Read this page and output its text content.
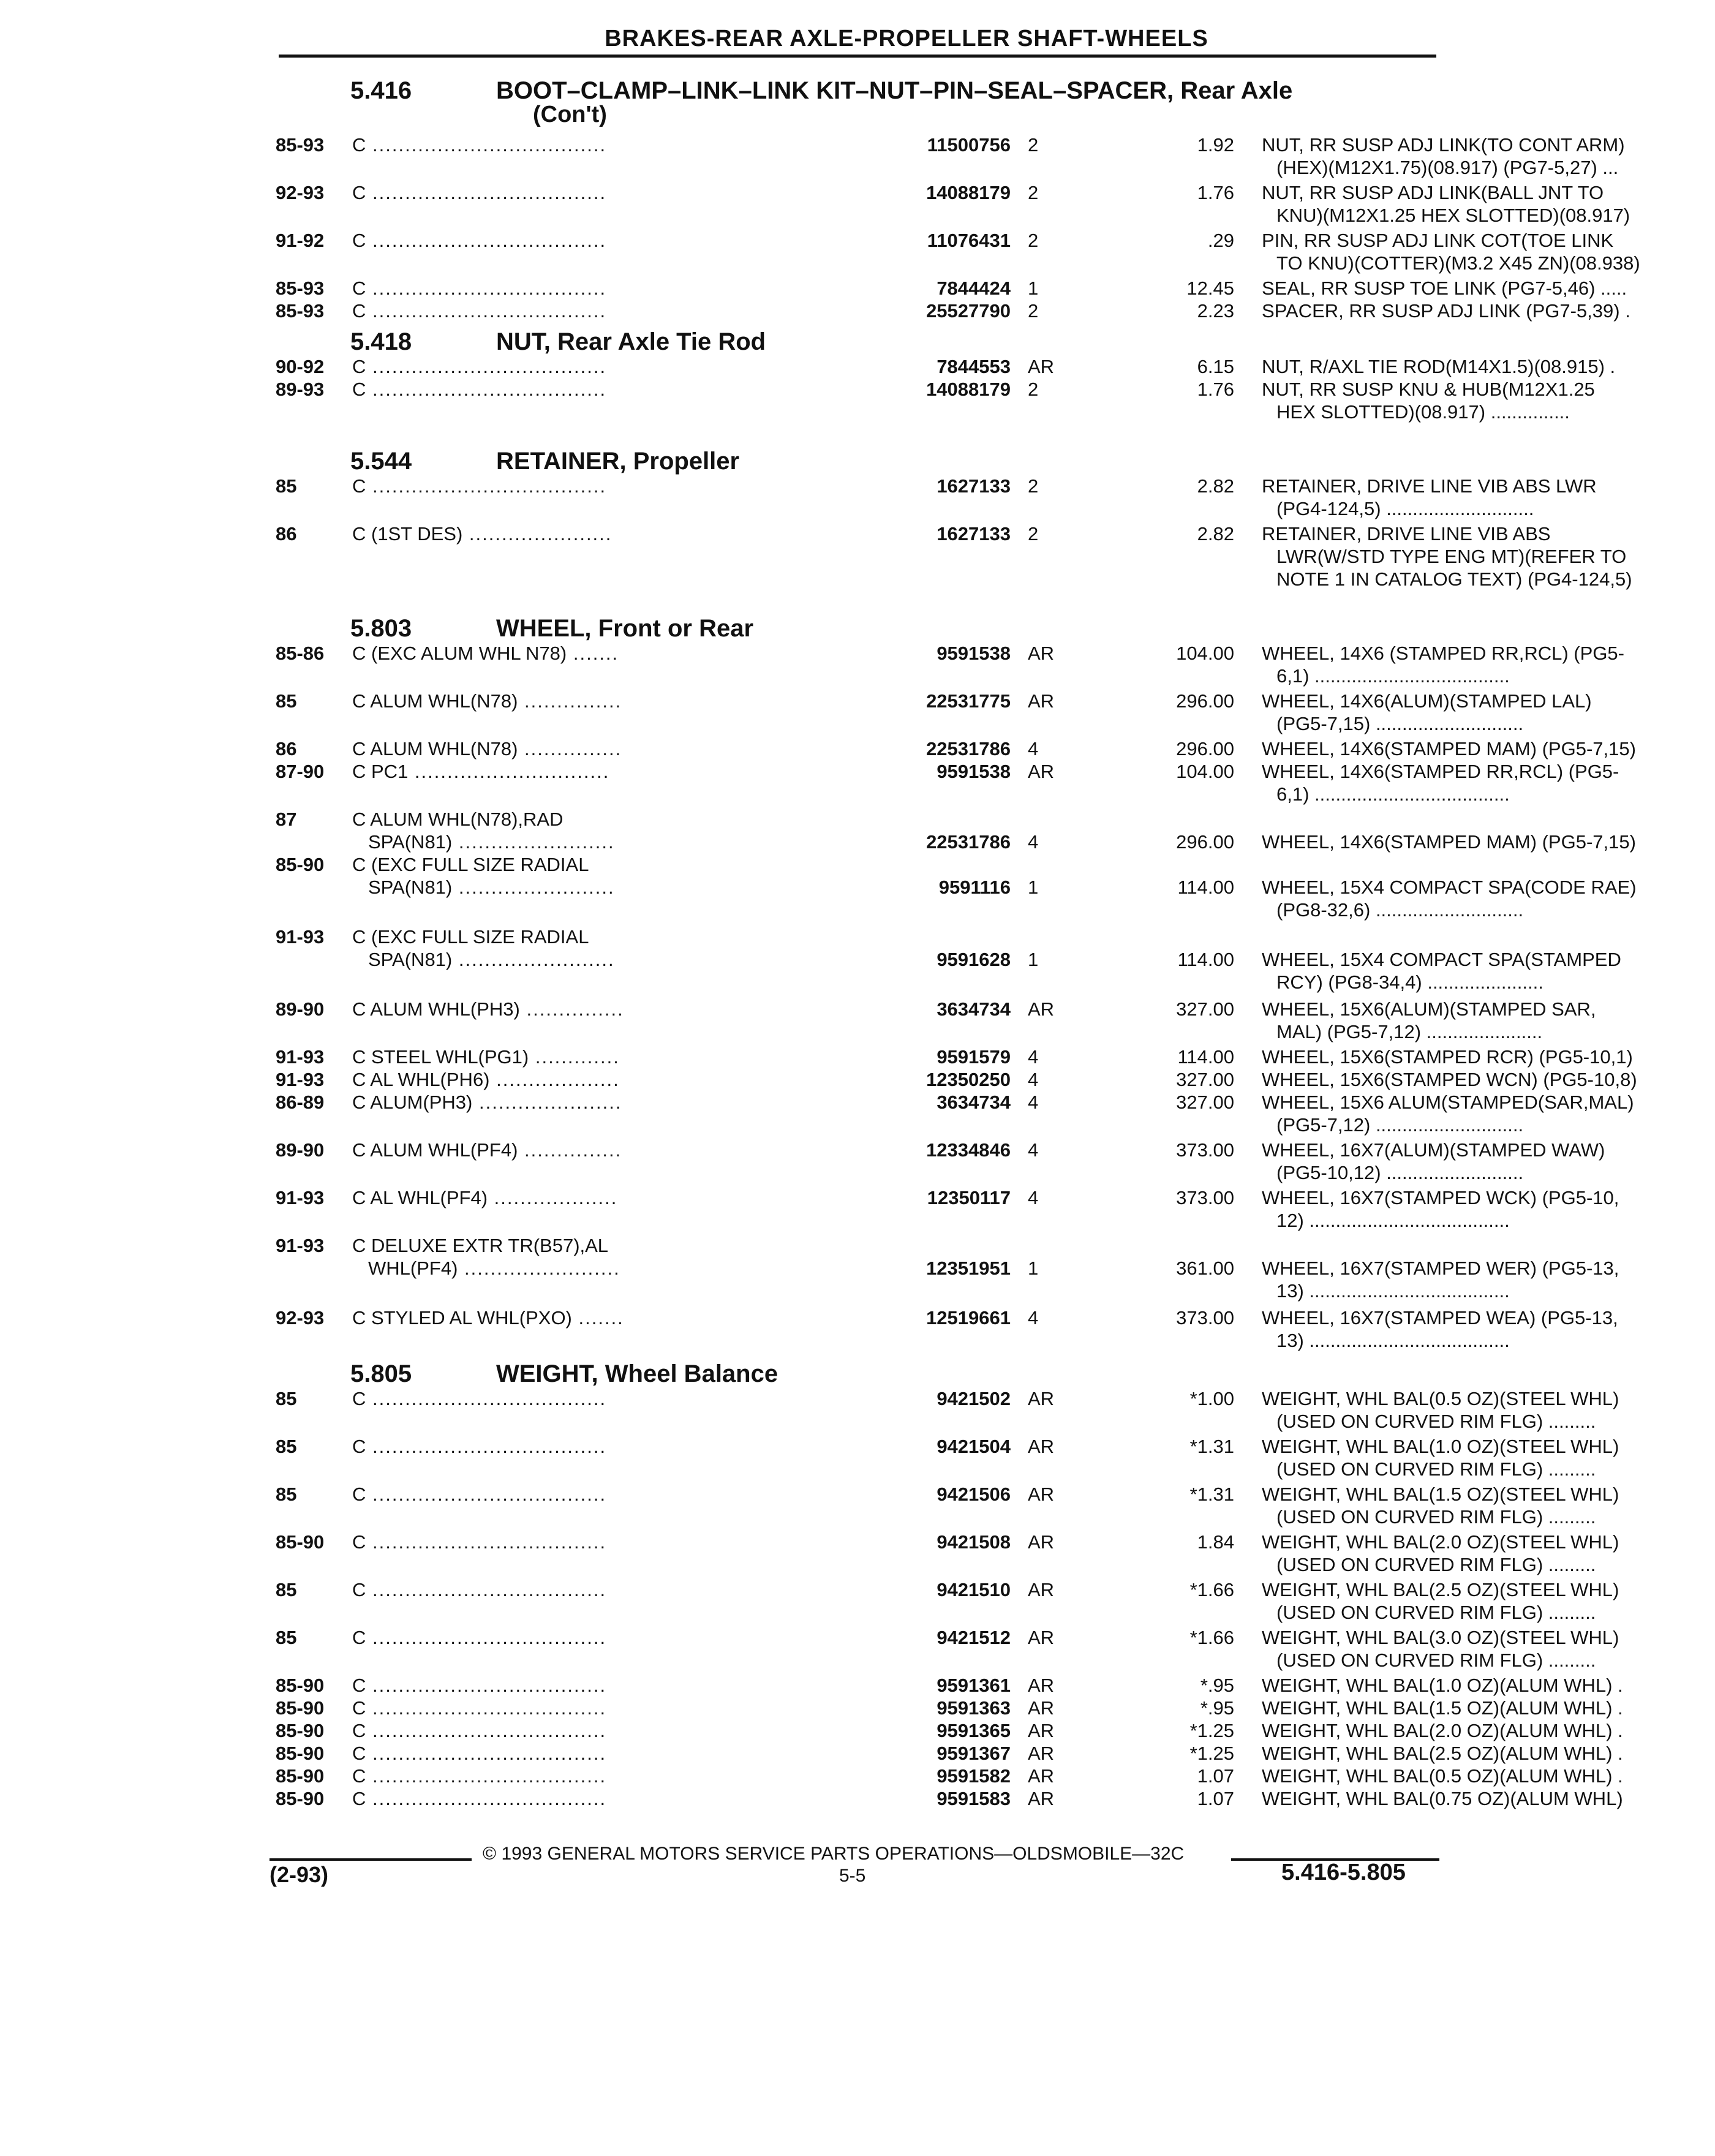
BRAKES-REAR AXLE-PROPELLER SHAFT-WHEELS
5.416	BOOT–CLAMP–LINK–LINK KIT–NUT–PIN–SEAL–SPACER, Rear Axle
(Con't)
85-93	C ....................................	11500756 2	1.92 NUT, RR SUSP ADJ LINK(TO CONT ARM)
(HEX)(M12X1.75)(08.917) (PG7-5,27) ...
92-93	C ....................................	14088179 2	1.76 NUT, RR SUSP ADJ LINK(BALL JNT TO
KNU)(M12X1.25 HEX SLOTTED)(08.917)
91-92	C ....................................	11076431 2	.29 PIN, RR SUSP ADJ LINK COT(TOE LINK
TO KNU)(COTTER)(M3.2 X45 ZN)(08.938)
85-93	C ....................................	7844424 1	12.45 SEAL, RR SUSP TOE LINK (PG7-5,46) .....
85-93	C ....................................	25527790 2	2.23 SPACER, RR SUSP ADJ LINK (PG7-5,39) .
5.418	NUT, Rear Axle Tie Rod
90-92	C ....................................	7844553 AR	6.15 NUT, R/AXL TIE ROD(M14X1.5)(08.915) .
89-93	C ....................................	14088179 2	1.76 NUT, RR SUSP KNU & HUB(M12X1.25
HEX SLOTTED)(08.917) ...............
5.544	RETAINER, Propeller
85	C ....................................	1627133 2	2.82 RETAINER, DRIVE LINE VIB ABS LWR
(PG4-124,5) ............................
86	C (1ST DES) ......................	1627133 2	2.82 RETAINER, DRIVE LINE VIB ABS
LWR(W/STD TYPE ENG MT)(REFER TO
NOTE 1 IN CATALOG TEXT) (PG4-124,5)
5.803	WHEEL, Front or Rear
85-86	C (EXC ALUM WHL N78) .......	9591538 AR	104.00 WHEEL, 14X6 (STAMPED RR,RCL) (PG5-
6,1) .....................................
85	C ALUM WHL(N78) ...............	22531775 AR	296.00 WHEEL, 14X6(ALUM)(STAMPED LAL)
(PG5-7,15) ............................
86	C ALUM WHL(N78) ...............	22531786 4	296.00 WHEEL, 14X6(STAMPED MAM) (PG5-7,15)
87-90	C PC1 ..............................	9591538 AR	104.00 WHEEL, 14X6(STAMPED RR,RCL) (PG5-
6,1) .....................................
87	C ALUM WHL(N78),RAD
SPA(N81) ........................	22531786 4	296.00 WHEEL, 14X6(STAMPED MAM) (PG5-7,15)
85-90	C (EXC FULL SIZE RADIAL
SPA(N81) ........................	9591116 1	114.00 WHEEL, 15X4 COMPACT SPA(CODE RAE)
(PG8-32,6) ............................
91-93	C (EXC FULL SIZE RADIAL
SPA(N81) ........................	9591628 1	114.00 WHEEL, 15X4 COMPACT SPA(STAMPED
RCY) (PG8-34,4) ......................
89-90	C ALUM WHL(PH3) ...............	3634734 AR	327.00 WHEEL, 15X6(ALUM)(STAMPED SAR,
MAL) (PG5-7,12) ......................
91-93	C STEEL WHL(PG1) .............	9591579 4	114.00 WHEEL, 15X6(STAMPED RCR) (PG5-10,1)
91-93	C AL WHL(PH6) ...................	12350250 4	327.00 WHEEL, 15X6(STAMPED WCN) (PG5-10,8)
86-89	C ALUM(PH3) ......................	3634734 4	327.00 WHEEL, 15X6 ALUM(STAMPED(SAR,MAL)
(PG5-7,12) ............................
89-90	C ALUM WHL(PF4) ...............	12334846 4	373.00 WHEEL, 16X7(ALUM)(STAMPED WAW)
(PG5-10,12) ..........................
91-93	C AL WHL(PF4) ...................	12350117 4	373.00 WHEEL, 16X7(STAMPED WCK) (PG5-10,
12) ......................................
91-93	C DELUXE EXTR TR(B57),AL
WHL(PF4) ........................	12351951 1	361.00 WHEEL, 16X7(STAMPED WER) (PG5-13,
13) ......................................
92-93	C STYLED AL WHL(PXO) .......	12519661 4	373.00 WHEEL, 16X7(STAMPED WEA) (PG5-13,
13) ......................................
5.805	WEIGHT, Wheel Balance
85	C ....................................	9421502 AR	*1.00 WEIGHT, WHL BAL(0.5 OZ)(STEEL WHL)
(USED ON CURVED RIM FLG) .........
85	C ....................................	9421504 AR	*1.31 WEIGHT, WHL BAL(1.0 OZ)(STEEL WHL)
(USED ON CURVED RIM FLG) .........
85	C ....................................	9421506 AR	*1.31 WEIGHT, WHL BAL(1.5 OZ)(STEEL WHL)
(USED ON CURVED RIM FLG) .........
85-90	C ....................................	9421508 AR	1.84 WEIGHT, WHL BAL(2.0 OZ)(STEEL WHL)
(USED ON CURVED RIM FLG) .........
85	C ....................................	9421510 AR	*1.66 WEIGHT, WHL BAL(2.5 OZ)(STEEL WHL)
(USED ON CURVED RIM FLG) .........
85	C ....................................	9421512 AR	*1.66 WEIGHT, WHL BAL(3.0 OZ)(STEEL WHL)
(USED ON CURVED RIM FLG) .........
85-90	C ....................................	9591361 AR	*.95 WEIGHT, WHL BAL(1.0 OZ)(ALUM WHL) .
85-90	C ....................................	9591363 AR	*.95 WEIGHT, WHL BAL(1.5 OZ)(ALUM WHL) .
85-90	C ....................................	9591365 AR	*1.25 WEIGHT, WHL BAL(2.0 OZ)(ALUM WHL) .
85-90	C ....................................	9591367 AR	*1.25 WEIGHT, WHL BAL(2.5 OZ)(ALUM WHL) .
85-90	C ....................................	9591582 AR	1.07 WEIGHT, WHL BAL(0.5 OZ)(ALUM WHL) .
85-90	C ....................................	9591583 AR	1.07 WEIGHT, WHL BAL(0.75 OZ)(ALUM WHL)
© 1993 GENERAL MOTORS SERVICE PARTS OPERATIONS—OLDSMOBILE—32C
(2-93)	5-5	5.416-5.805
